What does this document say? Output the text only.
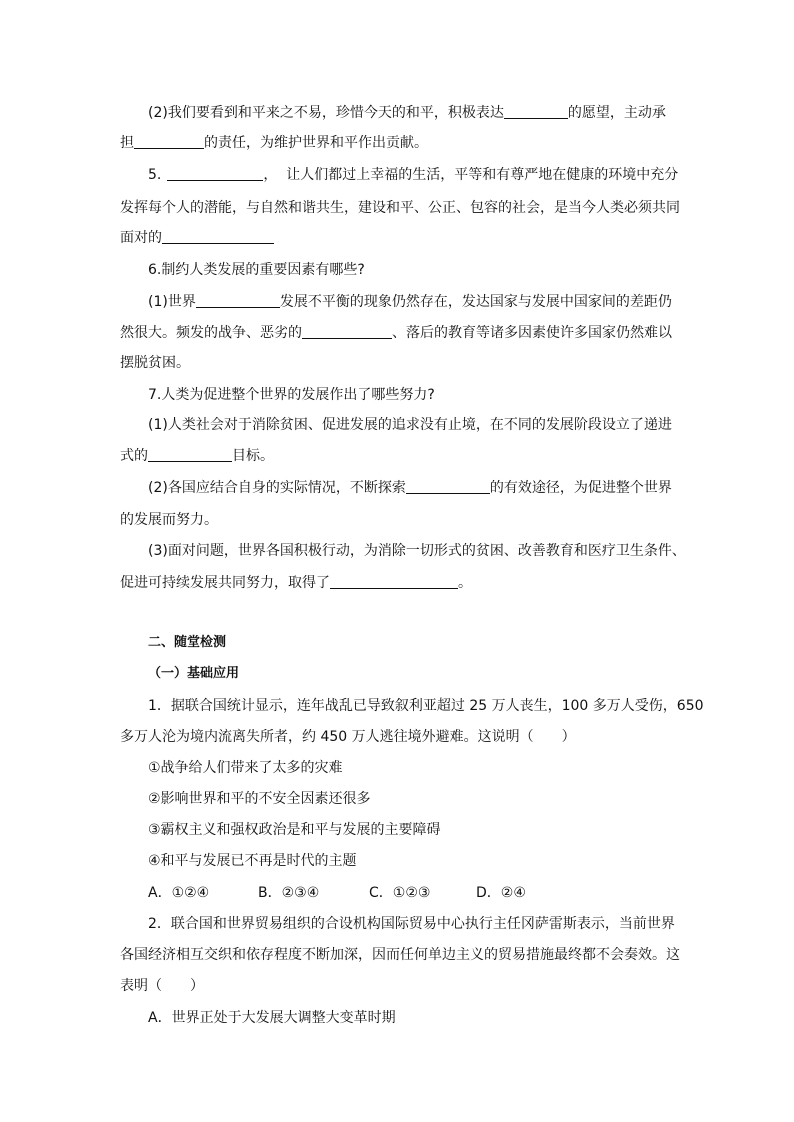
(2)我们要看到和平来之不易，珍惜今天的和平，积极表达	的愿望，主动承
担	的责任，为维护世界和平作出贡献。
5.	， 让人们都过上幸福的生活，平等和有尊严地在健康的环境中充分
发挥每个人的潜能，与自然和谐共生，建设和平、公正、包容的社会，是当今人类必须共同
面对的
6.制约人类发展的重要因素有哪些?
(1)世界	发展不平衡的现象仍然存在，发达国家与发展中国家间的差距仍
然很大。频发的战争、恶劣的	、落后的教育等诸多因素使许多国家仍然难以
摆脱贫困。
7.人类为促进整个世界的发展作出了哪些努力?
(1)人类社会对于消除贫困、促进发展的追求没有止境，在不同的发展阶段设立了递进
式的	目标。
(2)各国应结合自身的实际情况，不断探索	的有效途径，为促进整个世界
的发展而努力。
(3)面对问题，世界各国积极行动，为消除一切形式的贫困、改善教育和医疗卫生条件、
促进可持续发展共同努力，取得了	。
二、随堂检测
（一）基础应用
1．据联合国统计显示，连年战乱已导致叙利亚超过 25 万人丧生，100 多万人受伤，650
多万人沦为境内流离失所者，约 450 万人逃往境外避难。这说明（　　）
①战争给人们带来了太多的灾难
②影响世界和平的不安全因素还很多
③霸权主义和强权政治是和平与发展的主要障碍
④和平与发展已不再是时代的主题
A．①②④	B．②③④	C．①②③	D．②④
2．联合国和世界贸易组织的合设机构国际贸易中心执行主任冈萨雷斯表示，当前世界
各国经济相互交织和依存程度不断加深，因而任何单边主义的贸易措施最终都不会奏效。这
表明（　　）
A．世界正处于大发展大调整大变革时期
